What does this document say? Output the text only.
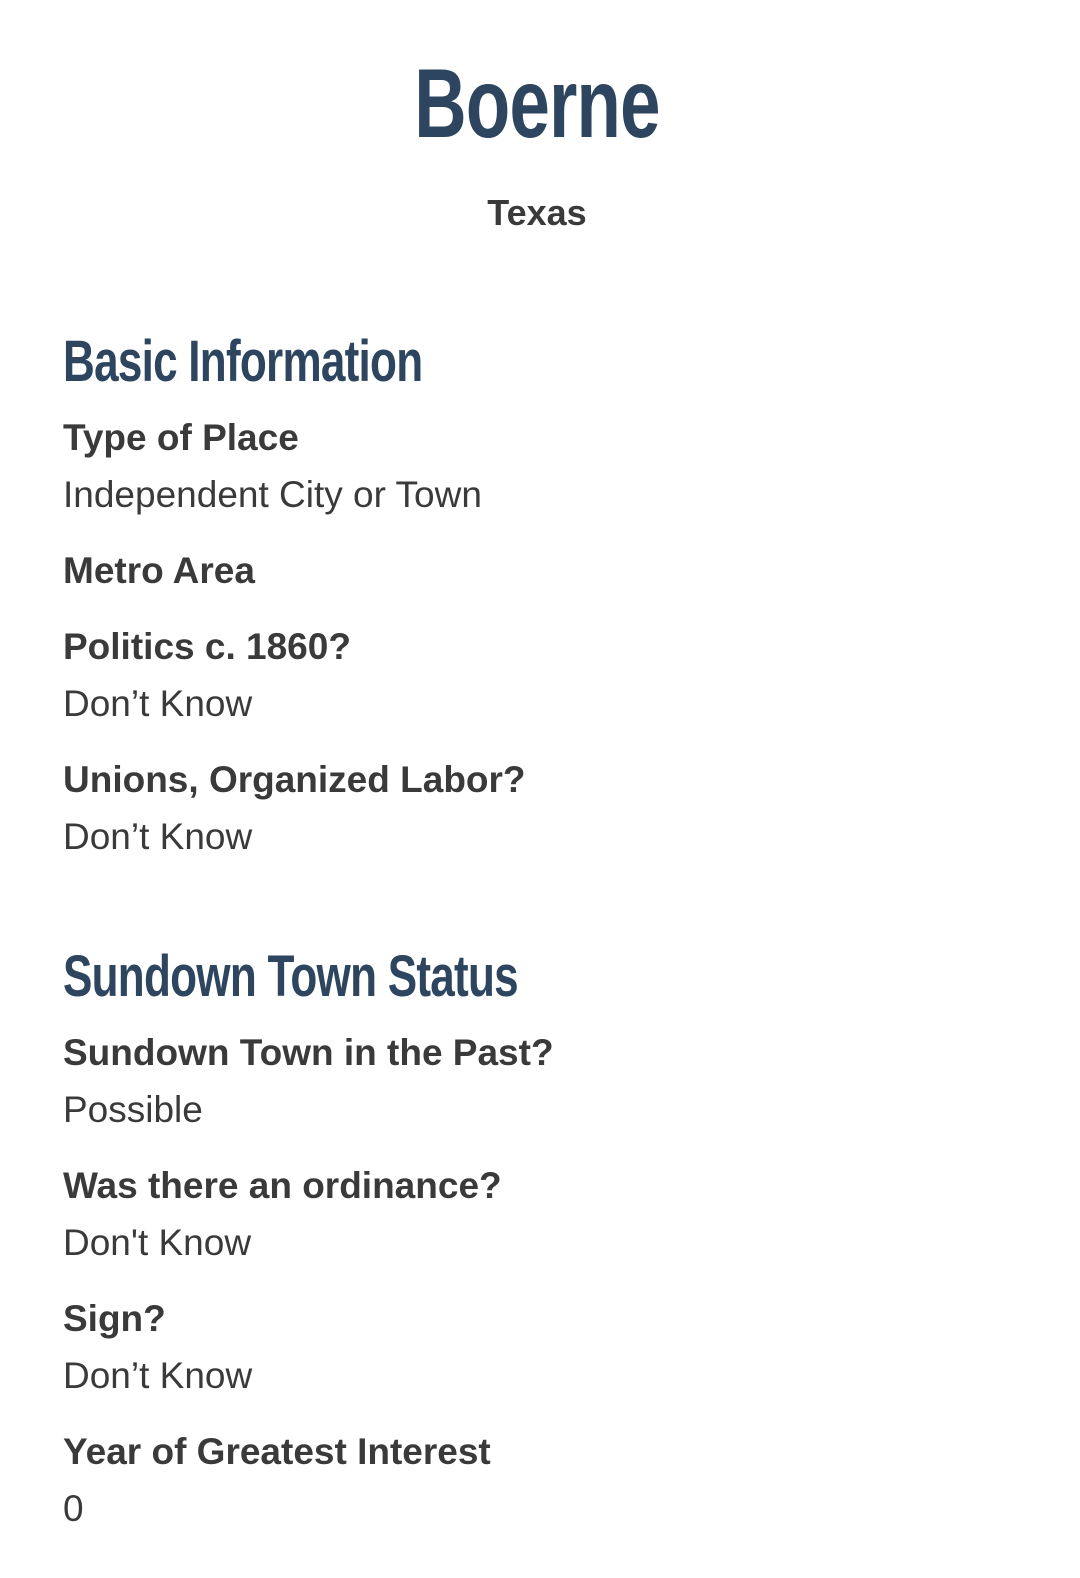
Boerne
Texas
Basic Information
Type of Place
Independent City or Town
Metro Area
Politics c. 1860?
Don’t Know
Unions, Organized Labor?
Don’t Know
Sundown Town Status
Sundown Town in the Past?
Possible
Was there an ordinance?
Don't Know
Sign?
Don’t Know
Year of Greatest Interest
0
